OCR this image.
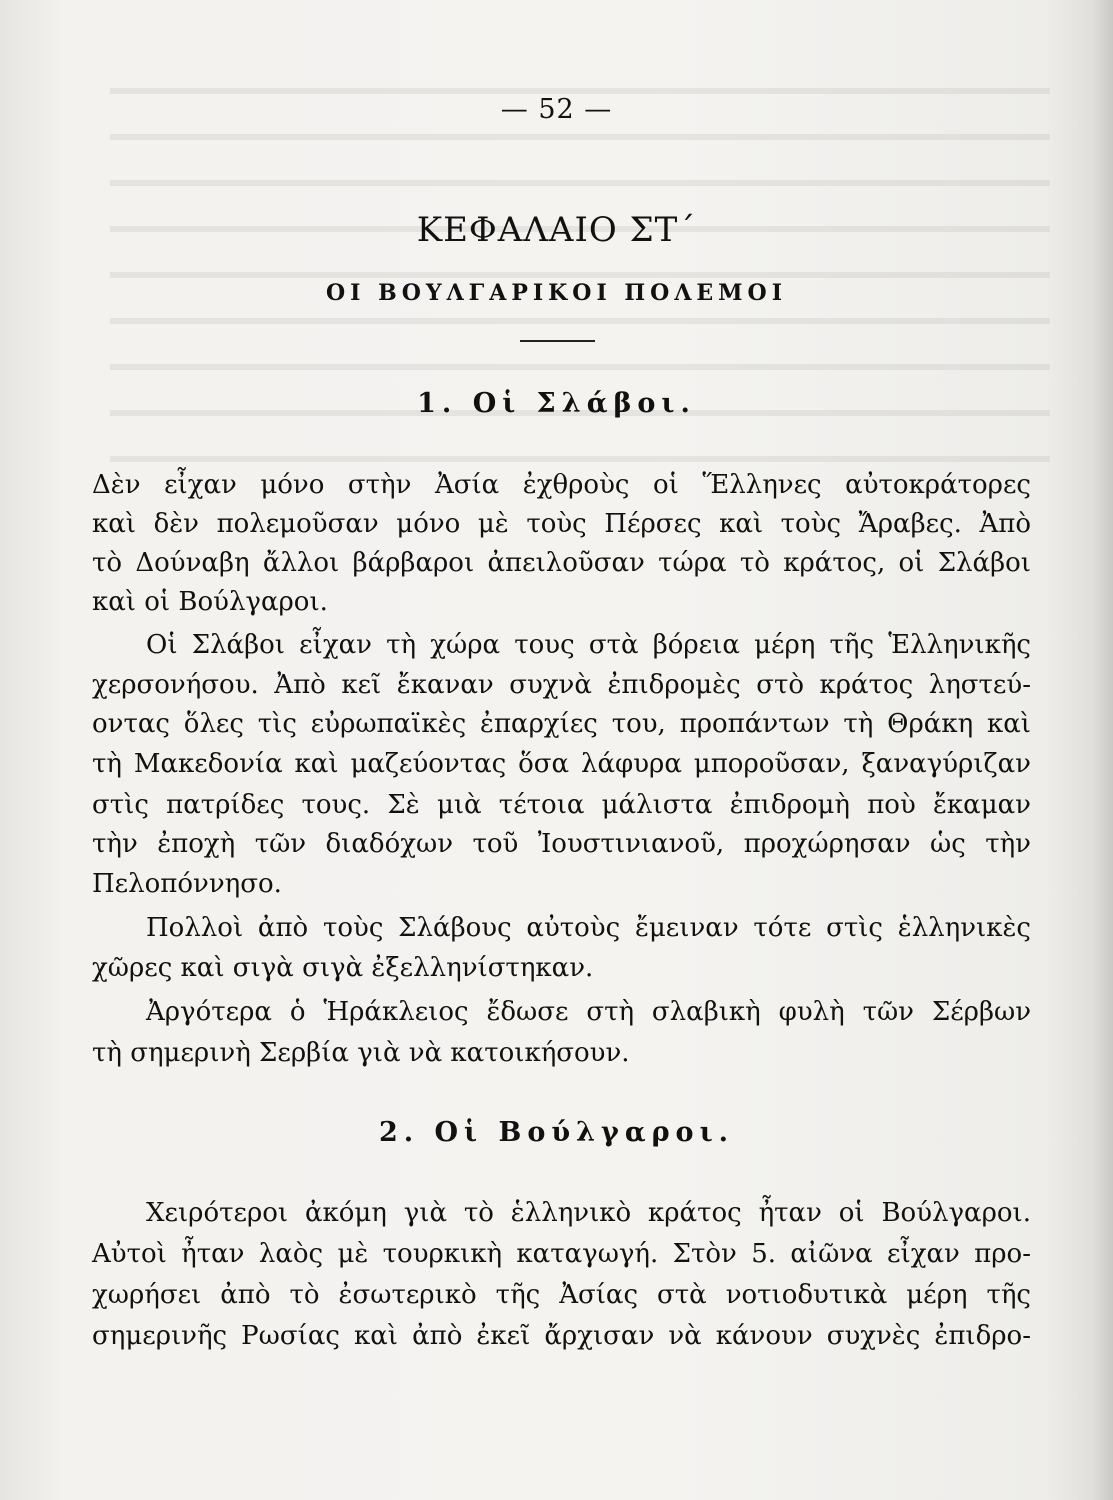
— 52 —
ΚΕΦΑΛΑΙΟ ΣΤ΄
ΟΙ ΒΟΥΛΓΑΡΙΚΟΙ ΠΟΛΕΜΟΙ
1. Οἱ Σλάβοι.
Δὲν εἶχαν μόνο στὴν Ἀσία ἐχθροὺς οἱ Ἕλληνες αὐτοκράτορες
καὶ δὲν πολεμοῦσαν μόνο μὲ τοὺς Πέρσες καὶ τοὺς Ἄραβες. Ἀπὸ
τὸ Δούναβη ἄλλοι βάρβαροι ἀπειλοῦσαν τώρα τὸ κράτος, οἱ Σλάβοι
καὶ οἱ Βούλγαροι.
Οἱ Σλάβοι εἶχαν τὴ χώρα τους στὰ βόρεια μέρη τῆς Ἑλληνικῆς
χερσονήσου. Ἀπὸ κεῖ ἔκαναν συχνὰ ἐπιδρομὲς στὸ κράτος ληστεύ-
οντας ὅλες τὶς εὐρωπαϊκὲς ἐπαρχίες του, προπάντων τὴ Θράκη καὶ
τὴ Μακεδονία καὶ μαζεύοντας ὅσα λάφυρα μποροῦσαν, ξαναγύριζαν
στὶς πατρίδες τους. Σὲ μιὰ τέτοια μάλιστα ἐπιδρομὴ ποὺ ἔκαμαν
τὴν ἐποχὴ τῶν διαδόχων τοῦ Ἰουστινιανοῦ, προχώρησαν ὡς τὴν
Πελοπόννησο.
Πολλοὶ ἀπὸ τοὺς Σλάβους αὐτοὺς ἔμειναν τότε στὶς ἑλληνικὲς
χῶρες καὶ σιγὰ σιγὰ ἐξελληνίστηκαν.
Ἀργότερα ὁ Ἡράκλειος ἔδωσε στὴ σλαβικὴ φυλὴ τῶν Σέρβων
τὴ σημερινὴ Σερβία γιὰ νὰ κατοικήσουν.
2. Οἱ Βούλγαροι.
Χειρότεροι ἀκόμη γιὰ τὸ ἑλληνικὸ κράτος ἦταν οἱ Βούλγαροι.
Αὐτοὶ ἦταν λαὸς μὲ τουρκικὴ καταγωγή. Στὸν 5. αἰῶνα εἶχαν προ-
χωρήσει ἀπὸ τὸ ἐσωτερικὸ τῆς Ἀσίας στὰ νοτιοδυτικὰ μέρη τῆς
σημερινῆς Ρωσίας καὶ ἀπὸ ἐκεῖ ἄρχισαν νὰ κάνουν συχνὲς ἐπιδρο-
